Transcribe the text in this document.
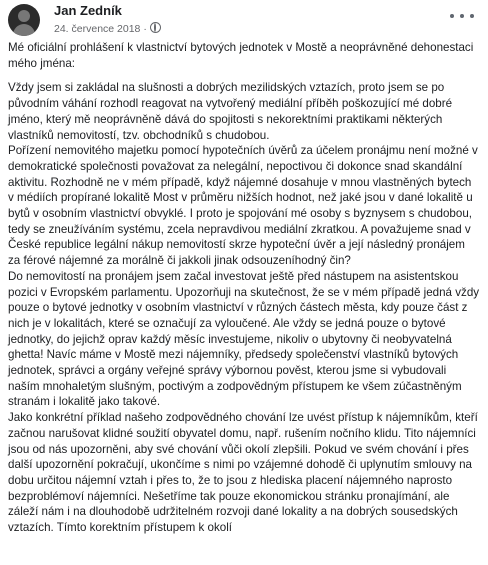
Jan Zedník
24. července 2018 ·

Mé oficiální prohlášení k vlastnictví bytových jednotek v Mostě a neoprávněné dehonestaci mého jména:

Vždy jsem si zakládal na slušnosti a dobrých mezilidských vztazích, proto jsem se po původním váhání rozhodl reagovat na vytvořený mediální příběh poškozující mé dobré jméno, který mě neoprávněně dává do spojitosti s nekorektními praktikami některých vlastníků nemovitostí, tzv. obchodníků s chudobou.
Pořízení nemovitého majetku pomocí hypotečních úvěrů za účelem pronájmu není možné v demokratické společnosti považovat za nelegální, nepoctivou či dokonce snad skandální aktivitu. Rozhodně ne v mém případě, když nájemné dosahuje v mnou vlastněných bytech v médiích propírané lokalitě Most v průměru nižších hodnot, než jaké jsou v dané lokalitě u bytů v osobním vlastnictví obvyklé. I proto je spojování mé osoby s byznysem s chudobou, tedy se zneužíváním systému, zcela nepravdivou mediální zkratkou. A považujeme snad v České republice legální nákup nemovitostí skrze hypoteční úvěr a její následný pronájem za férové nájemné za morálně či jakkoli jinak odsouzeníhodný čin?
Do nemovitostí na pronájem jsem začal investovat ještě před nástupem na asistentskou pozici v Evropském parlamentu. Upozorňuji na skutečnost, že se v mém případě jedná vždy pouze o bytové jednotky v osobním vlastnictví v různých částech města, kdy pouze část z nich je v lokalitách, které se označují za vyloučené. Ale vždy se jedná pouze o bytové jednotky, do jejichž oprav každý měsíc investujeme, nikoliv o ubytovny či neobyvatelná ghetta! Navíc máme v Mostě mezi nájemníky, předsedy společenství vlastníků bytových jednotek, správci a orgány veřejné správy výbornou pověst, kterou jsme si vybudovali naším mnohaletým slušným, poctivým a zodpovědným přístupem ke všem zúčastněným stranám i lokalitě jako takové.
Jako konkrétní příklad našeho zodpovědného chování lze uvést přístup k nájemníkům, kteří začnou narušovat klidné soužití obyvatel domu, např. rušením nočního klidu. Tito nájemníci jsou od nás upozorněni, aby své chování vůči okolí zlepšili. Pokud ve svém chování i přes další upozornění pokračují, ukončíme s nimi po vzájemné dohodě či uplynutím smlouvy na dobu určitou nájemní vztah i přes to, že to jsou z hlediska placení nájemného naprosto bezproblémoví nájemníci. Nešetříme tak pouze ekonomickou stránku pronajímání, ale záleží nám i na dlouhodobě udržitelném rozvoji dané lokality a na dobrých sousedských vztazích. Tímto korektním přístupem k okolí
